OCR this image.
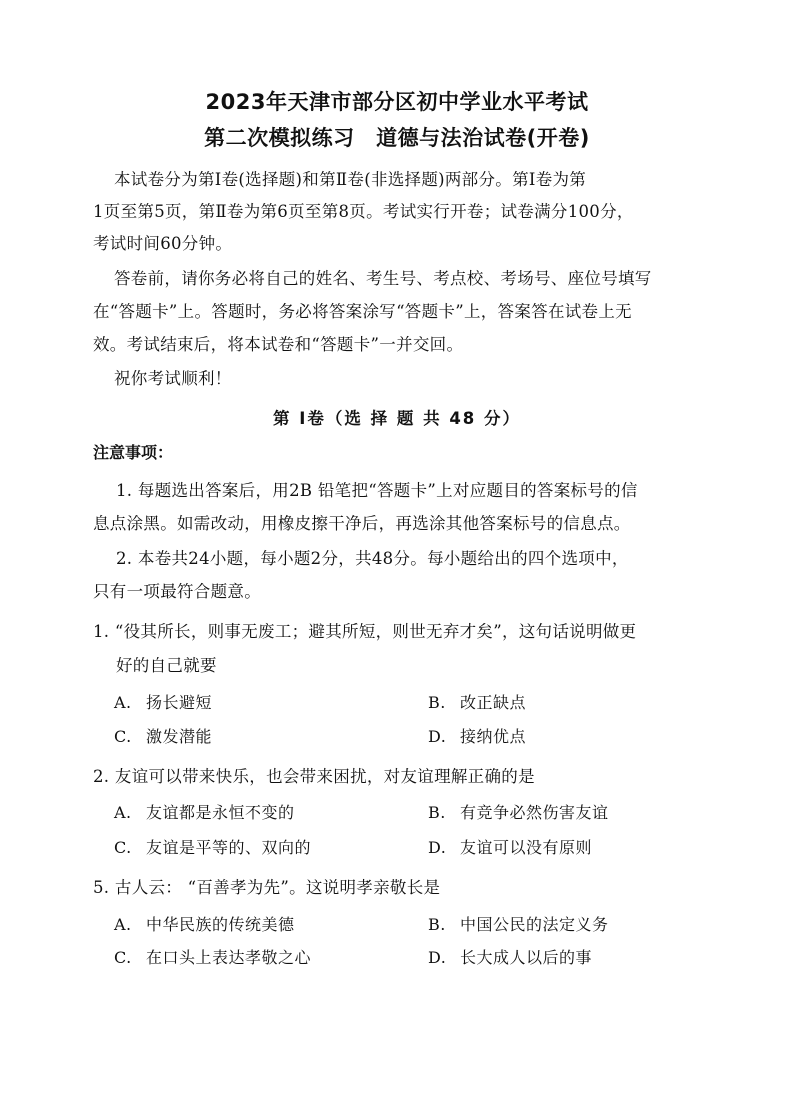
2023年天津市部分区初中学业水平考试
第二次模拟练习　道德与法治试卷(开卷)
本试卷分为第Ⅰ卷(选择题)和第Ⅱ卷(非选择题)两部分。第Ⅰ卷为第
1页至第5页，第Ⅱ卷为第6页至第8页。考试实行开卷；试卷满分100分，
考试时间60分钟。
答卷前，请你务必将自己的姓名、考生号、考点校、考场号、座位号填写
在“答题卡”上。答题时，务必将答案涂写“答题卡”上，答案答在试卷上无
效。考试结束后，将本试卷和“答题卡”一并交回。
祝你考试顺利！
第 Ⅰ卷（选 择 题 共 48 分）
注意事项：
1. 每题选出答案后，用2B 铅笔把“答题卡”上对应题目的答案标号的信
息点涂黑。如需改动，用橡皮擦干净后，再选涂其他答案标号的信息点。
2. 本卷共24小题，每小题2分，共48分。每小题给出的四个选项中，
只有一项最符合题意。
1. “役其所长，则事无废工；避其所短，则世无弃才矣”，这句话说明做更
好的自己就要
A. 扬长避短	B. 改正缺点
C. 激发潜能	D. 接纳优点
2. 友谊可以带来快乐，也会带来困扰，对友谊理解正确的是
A. 友谊都是永恒不变的	B. 有竞争必然伤害友谊
C. 友谊是平等的、双向的	D. 友谊可以没有原则
5. 古人云： “百善孝为先”。这说明孝亲敬长是
A. 中华民族的传统美德	B. 中国公民的法定义务
C. 在口头上表达孝敬之心	D. 长大成人以后的事
